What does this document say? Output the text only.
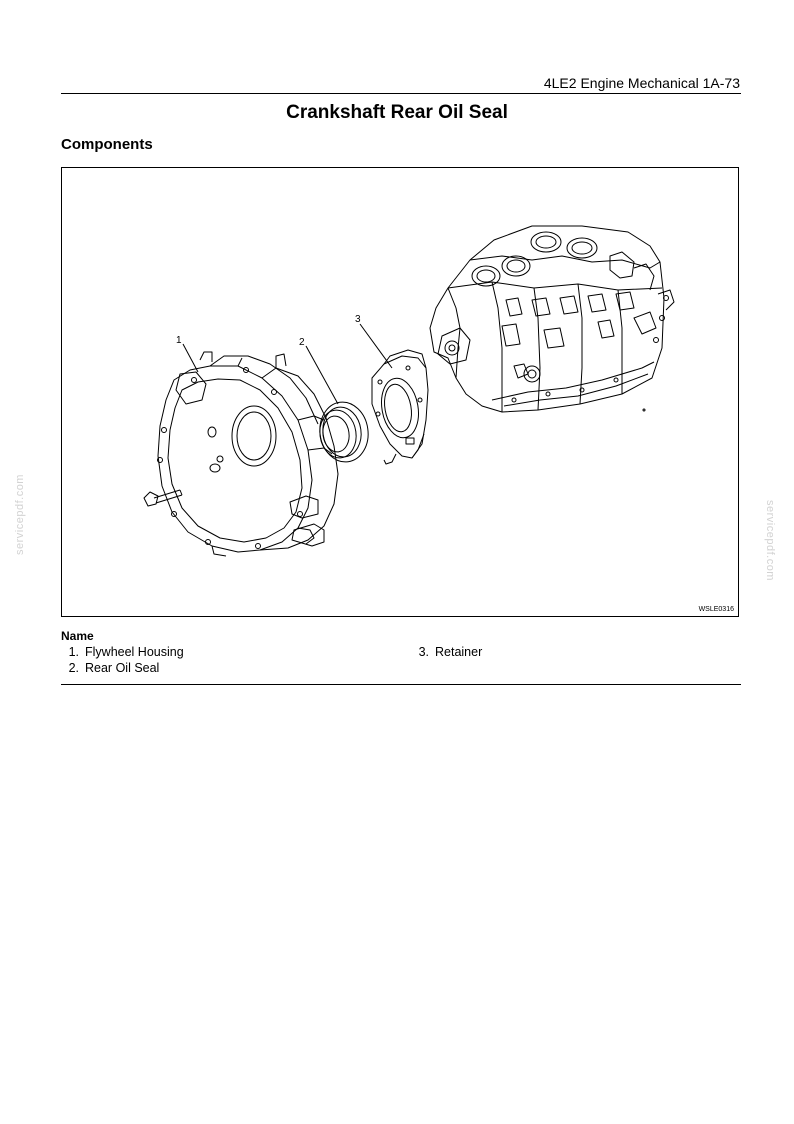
4LE2 Engine Mechanical 1A-73
Crankshaft Rear Oil Seal
Components
1	2
3
WSLE0316
Name
1. Flywheel Housing
2. Rear Oil Seal
3. Retainer
servicepdf.com	servicepdf.com
